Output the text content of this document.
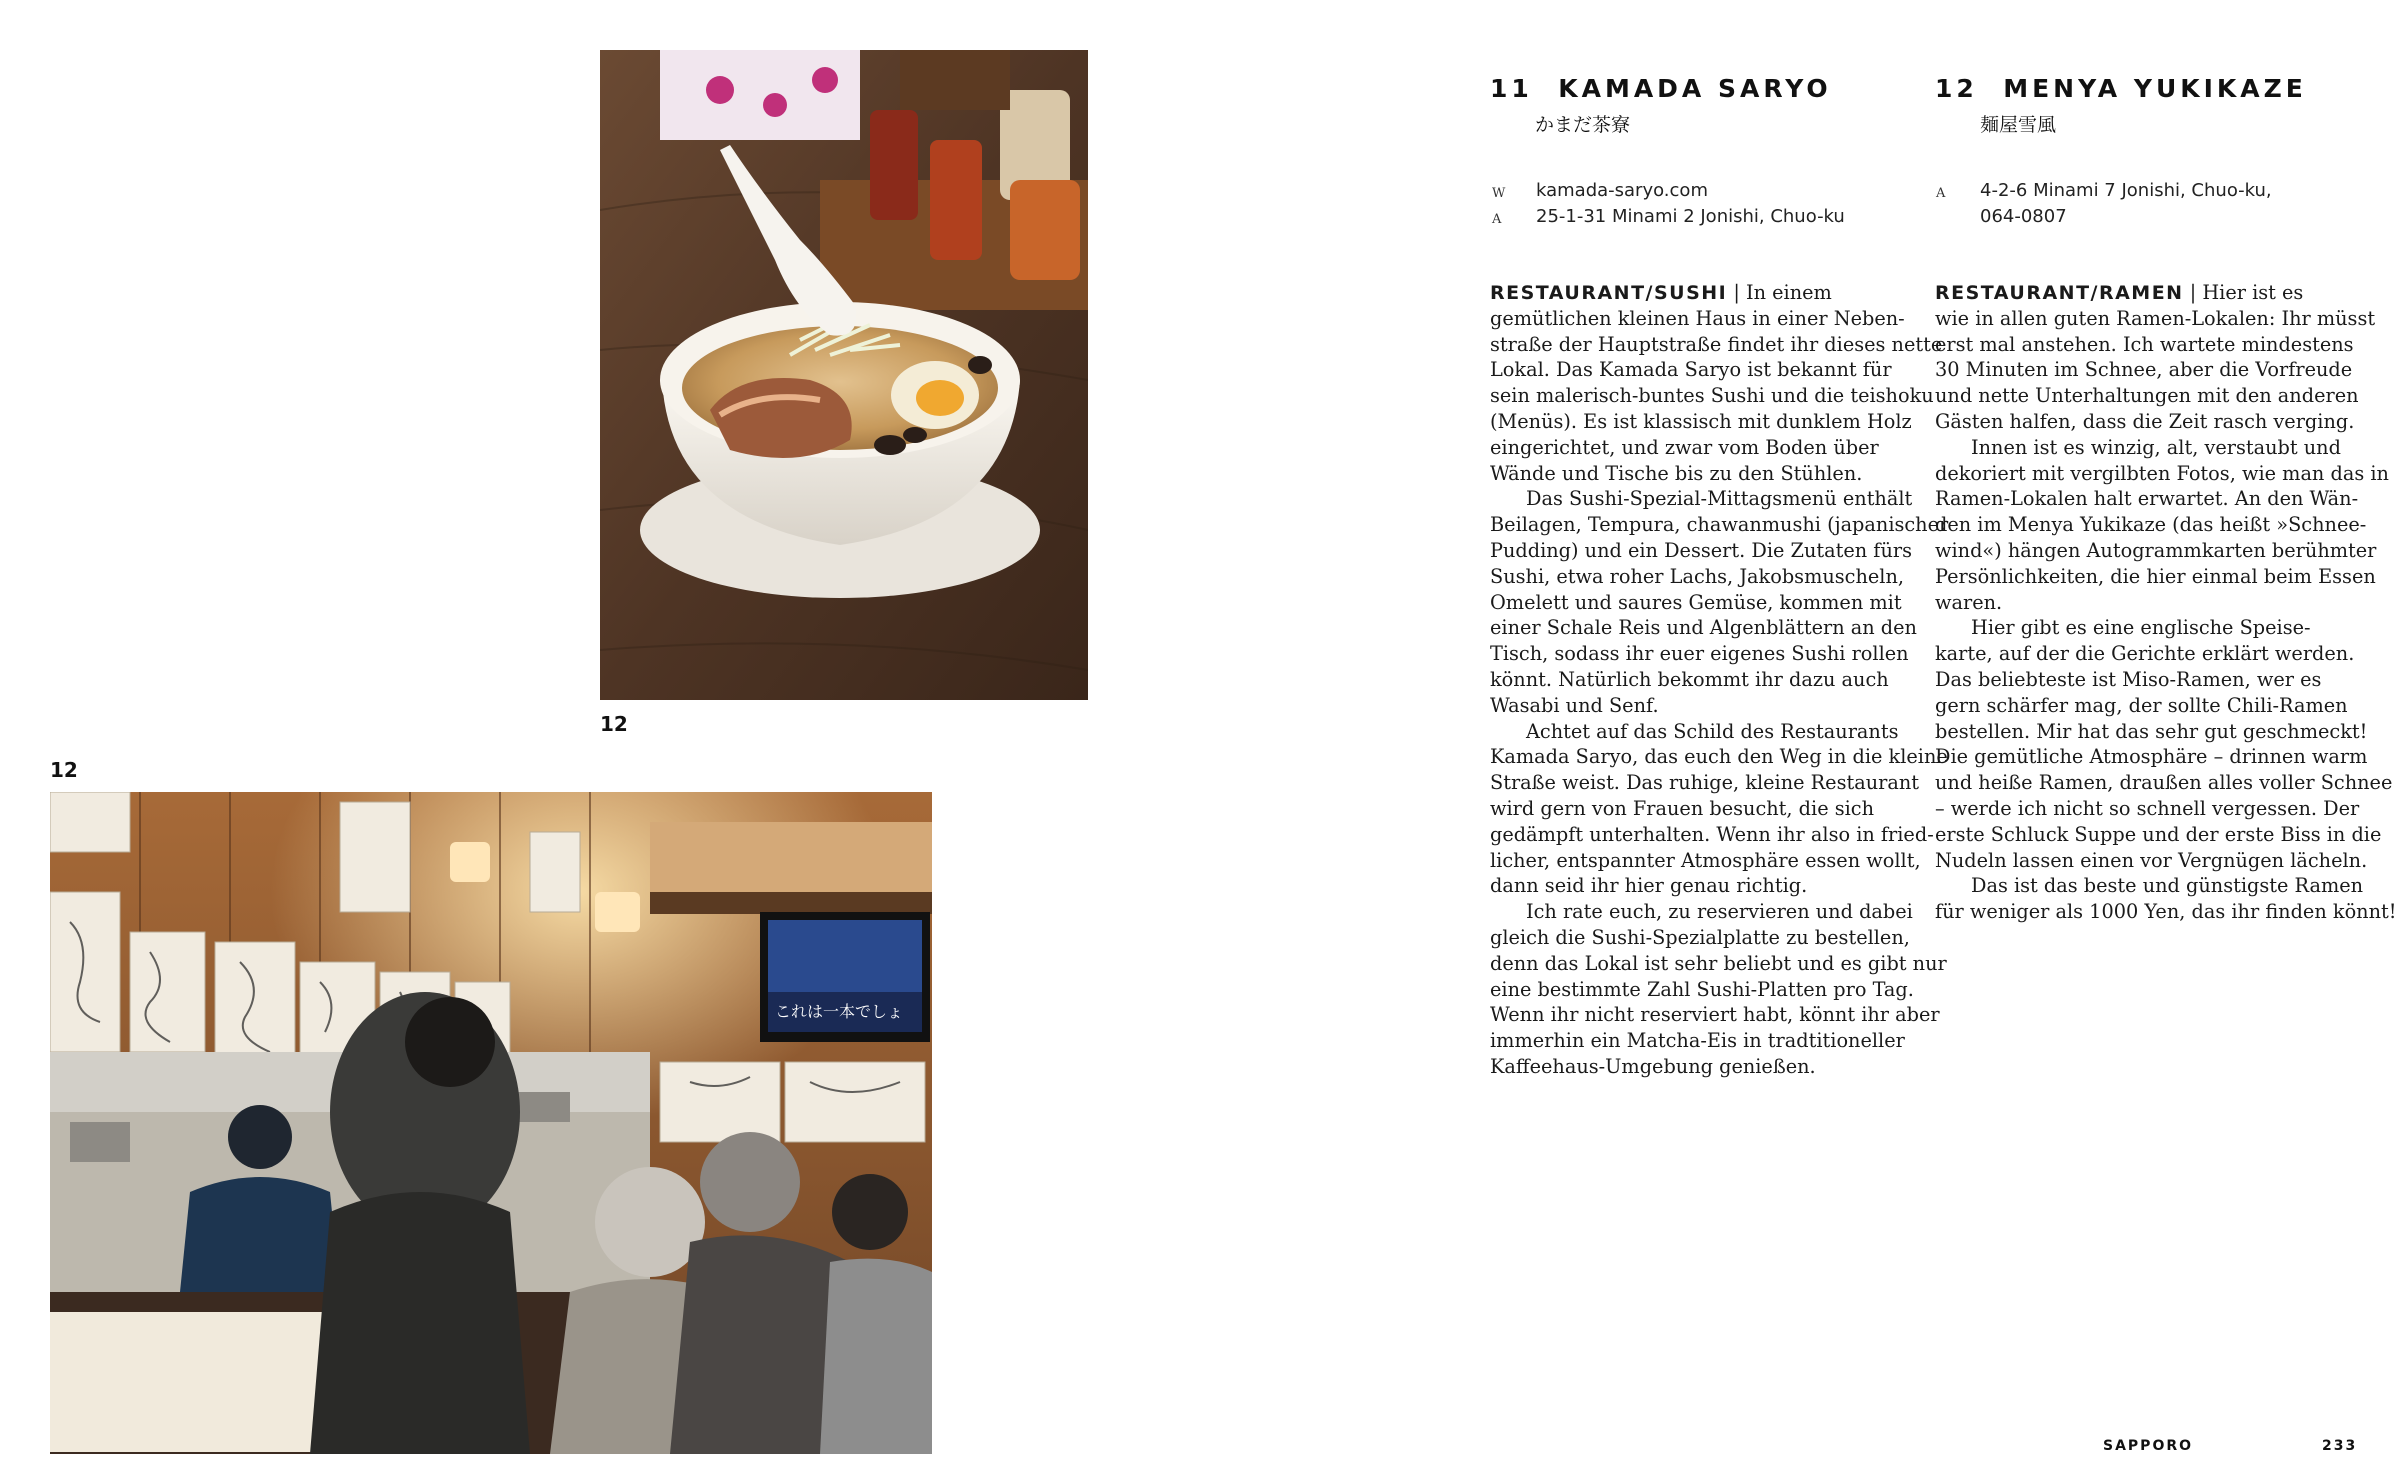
12
12
これは一本でしょ
11 KAMADA SARYO
かまだ茶寮
W kamada-saryo.com
A 25-1-31 Minami 2 Jonishi, Chuo-ku
RESTAURANT/SUSHI | In einem
gemütlichen kleinen Haus in einer Neben-
straße der Hauptstraße findet ihr dieses nette
Lokal. Das Kamada Saryo ist bekannt für
sein malerisch-buntes Sushi und die teishoku
(Menüs). Es ist klassisch mit dunklem Holz
eingerichtet, und zwar vom Boden über
Wände und Tische bis zu den Stühlen.
Das Sushi-Spezial-Mittagsmenü enthält
Beilagen, Tempura, chawanmushi (japanischer
Pudding) und ein Dessert. Die Zutaten fürs
Sushi, etwa roher Lachs, Jakobsmuscheln,
Omelett und saures Gemüse, kommen mit
einer Schale Reis und Algenblättern an den
Tisch, sodass ihr euer eigenes Sushi rollen
könnt. Natürlich bekommt ihr dazu auch
Wasabi und Senf.
Achtet auf das Schild des Restaurants
Kamada Saryo, das euch den Weg in die kleine
Straße weist. Das ruhige, kleine Restaurant
wird gern von Frauen besucht, die sich
gedämpft unterhalten. Wenn ihr also in fried-
licher, entspannter Atmosphäre essen wollt,
dann seid ihr hier genau richtig.
Ich rate euch, zu reservieren und dabei
gleich die Sushi-Spezialplatte zu bestellen,
denn das Lokal ist sehr beliebt und es gibt nur
eine bestimmte Zahl Sushi-Platten pro Tag.
Wenn ihr nicht reserviert habt, könnt ihr aber
immerhin ein Matcha-Eis in tradtitioneller
Kaffeehaus-Umgebung genießen.
12 MENYA YUKIKAZE
麺屋雪風
A 4-2-6 Minami 7 Jonishi, Chuo-ku,
064-0807
RESTAURANT/RAMEN | Hier ist es
wie in allen guten Ramen-Lokalen: Ihr müsst
erst mal anstehen. Ich wartete mindestens
30 Minuten im Schnee, aber die Vorfreude
und nette Unterhaltungen mit den anderen
Gästen halfen, dass die Zeit rasch verging.
Innen ist es winzig, alt, verstaubt und
dekoriert mit vergilbten Fotos, wie man das in
Ramen-Lokalen halt erwartet. An den Wän-
den im Menya Yukikaze (das heißt »Schnee-
wind«) hängen Autogrammkarten berühmter
Persönlichkeiten, die hier einmal beim Essen
waren.
Hier gibt es eine englische Speise-
karte, auf der die Gerichte erklärt werden.
Das beliebteste ist Miso-Ramen, wer es
gern schärfer mag, der sollte Chili-Ramen
bestellen. Mir hat das sehr gut geschmeckt!
Die gemütliche Atmosphäre – drinnen warm
und heiße Ramen, draußen alles voller Schnee
– werde ich nicht so schnell vergessen. Der
erste Schluck Suppe und der erste Biss in die
Nudeln lassen einen vor Vergnügen lächeln.
Das ist das beste und günstigste Ramen
für weniger als 1000 Yen, das ihr finden könnt!
SAPPORO	233
